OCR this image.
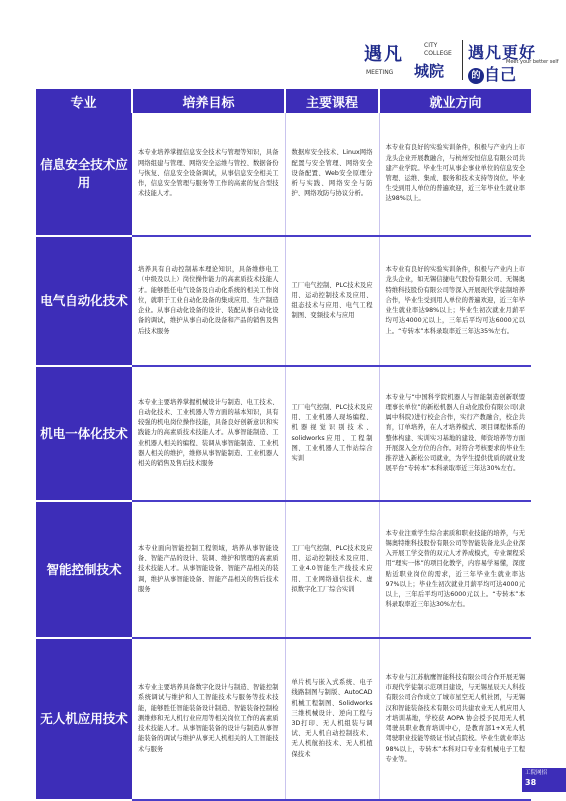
遇凡	CITY
COLLEGE
MEETING 城院
遇凡更好
Meet your better self
的 自己
专业	培养目标	主要课程	就业方向
信息安全技术应用	本专业培养掌握信息安全技术与管理等知识，具备网络组建与管理、网络安全运维与管控、数据备份与恢复、信息安全设备调试，从事信息安全相关工作，信息安全管理与服务等工作的高素的复合型技术技能人才。	数据库安全技术、Linux网络配置与安全管理、网络安全设备配置、Web安全原理分析与实践、网络安全与防护、网络攻防与协议分析。	本专业有良好的实验实训条件，积极与产业内上市龙头企业开展教融合，与杭州安恒信息有限公司共建产业学院。毕业生可从事企事业单位的信息安全管理、运维、集成、服务和技术支持等岗位。毕业生受到用人单位的普遍欢迎，近三年毕业生就业率达98%以上。
电气自动化技术	培养具有自动控制基本理论知识，具备维修电工（中级及以上）岗位操作能力的高素质技术技能人才。能够胜任电气设备及自动化系统的相关工作岗位，就职于工业自动化设备的集成应用、生产制造企业。从事自动化设备的设计、装配从事自动化设备的调试，维护从事自动化设备和产品的销售及售后技术服务	工厂电气控制、PLC技术及应用、运动控制技术及应用、组态技术与应用、电气工程制图、变频技术与应用	本专业有良好的实验实训条件，积极与产业内上市龙头企业，如无锡信捷电气股份有限公司、无锡奥特维科技股份有限公司等深入开展现代学徒制培养合作，毕业生受到用人单位的普遍欢迎，近三年毕业生就业率达98%以上；毕业生初次就业月薪平均可达4000元以上，三年后平均可达6000元以上。“专转本”本科录取率近三年达35%左右。
机电一体化技术	本专业主要培养掌握机械设计与制造、电工技术、自动化技术、工业机器人等方面的基本知识，具有较强的机电岗位操作技能，具备良好创新意识和实践能力的高素质技术技能人才。从事智能制造、工业机器人相关的编程、装调从事智能制造、工业机器人相关的维护，维修从事智能制造、工业机器人相关的销售及售后技术服务	工厂电气控制、PLC技术及应用、工业机器人现场编程、机器视觉识别技术、solidworks应用、工程制图、工业机器人工作站综合实训	本专业与“中国科学院机器人与智能制造创新联盟理事长单位”的新松机器人自动化股份有限公司(隶属中科院)进行校企合作，实行产教融合，校企共育，订单培养，在人才培养模式、项目课程体系的整体构建、实训实习基地的建设、师资培养等方面开展深入全方位的合作。对符合考核要求的毕业生推荐进入新松公司就业，为学生提供优质的就业发展平台“专转本”本科录取率近三年达30%左右。
智能控制技术	本专业面向智能控制工程领域，培养从事智能设备、智能产品的设计、装调、维护和管理的高素质技术技能人才。从事智能设备、智能产品相关的装调，维护从事智能设备、智能产品相关的售后技术服务	工厂电气控制、PLC技术及应用、运动控制技术及应用、工业4.0智能生产线技术应用、工业网络通信技术、虚拟数字化工厂综合实训	本专业注重学生综合素质和职业技能的培养，与无锡奥特维科技股份有限公司等智能装备龙头企业深入开展工学交替的双元人才养成模式，专业课程采用“理实一体”的项目化教学，内容易学易懂，深度贴近职业岗位的需求，近三年毕业生就业率达97%以上；毕业生初次就业月薪平均可达4000元以上，三年后平均可达6000元以上。“专转本”本科录取率近三年达30%左右。
无人机应用技术	本专业主要培养具备数字化设计与制造、智能控制系统调试与维护和人工智能技术与服务等技术技能，能够胜任智能装备设计制造、智能装备控制检测维修和无人机行业应用等相关岗位工作的高素质技术技能人才。从事智能装备的设计与制造从事智能装备的调试与维护从事无人机相关的人工智能技术与服务	单片机与嵌入式系统、电子线路制图与制版、AutoCAD机械工程制图、Solidworks三维机械设计、逆向工程与3D打印、无人机组装与调试、无人机自动控制技术、无人机航拍技术、无人机植保技术	本专业与江苏航鹰智能科技有限公司合作开展无锡市现代学徒制示范项目建设，与无锡星辰天人科技有限公司合作成立了城市星空无人机社团，与无锡汉和智能装备技术有限公司共建农业无人机应用人才培训基地，学校获 AOPA 协会授予民用无人机驾驶员职业教育培训中心，是教育部1+X无人机驾驶职业技能等级证书试点院校。毕业生就业率达98%以上，专转本”本科对口专业有机械电子工程专业等。
工院网招
38
